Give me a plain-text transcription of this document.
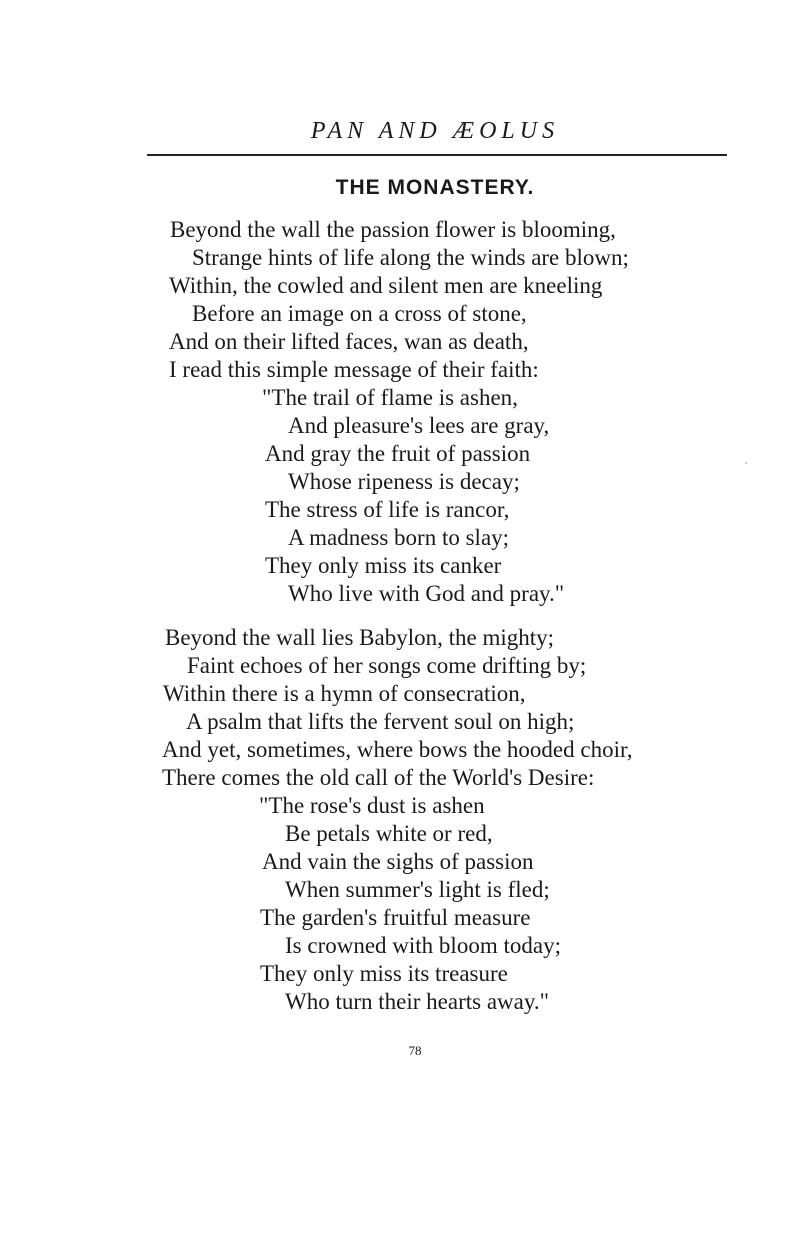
PAN AND ÆOLUS
THE MONASTERY.
Beyond the wall the passion flower is blooming,
Strange hints of life along the winds are blown;
Within, the cowled and silent men are kneeling
Before an image on a cross of stone,
And on their lifted faces, wan as death,
I read this simple message of their faith:
"The trail of flame is ashen,
And pleasure's lees are gray,
And gray the fruit of passion
Whose ripeness is decay;
The stress of life is rancor,
A madness born to slay;
They only miss its canker
Who live with God and pray."
Beyond the wall lies Babylon, the mighty;
Faint echoes of her songs come drifting by;
Within there is a hymn of consecration,
A psalm that lifts the fervent soul on high;
And yet, sometimes, where bows the hooded choir,
There comes the old call of the World's Desire:
"The rose's dust is ashen
Be petals white or red,
And vain the sighs of passion
When summer's light is fled;
The garden's fruitful measure
Is crowned with bloom today;
They only miss its treasure
Who turn their hearts away."
78
